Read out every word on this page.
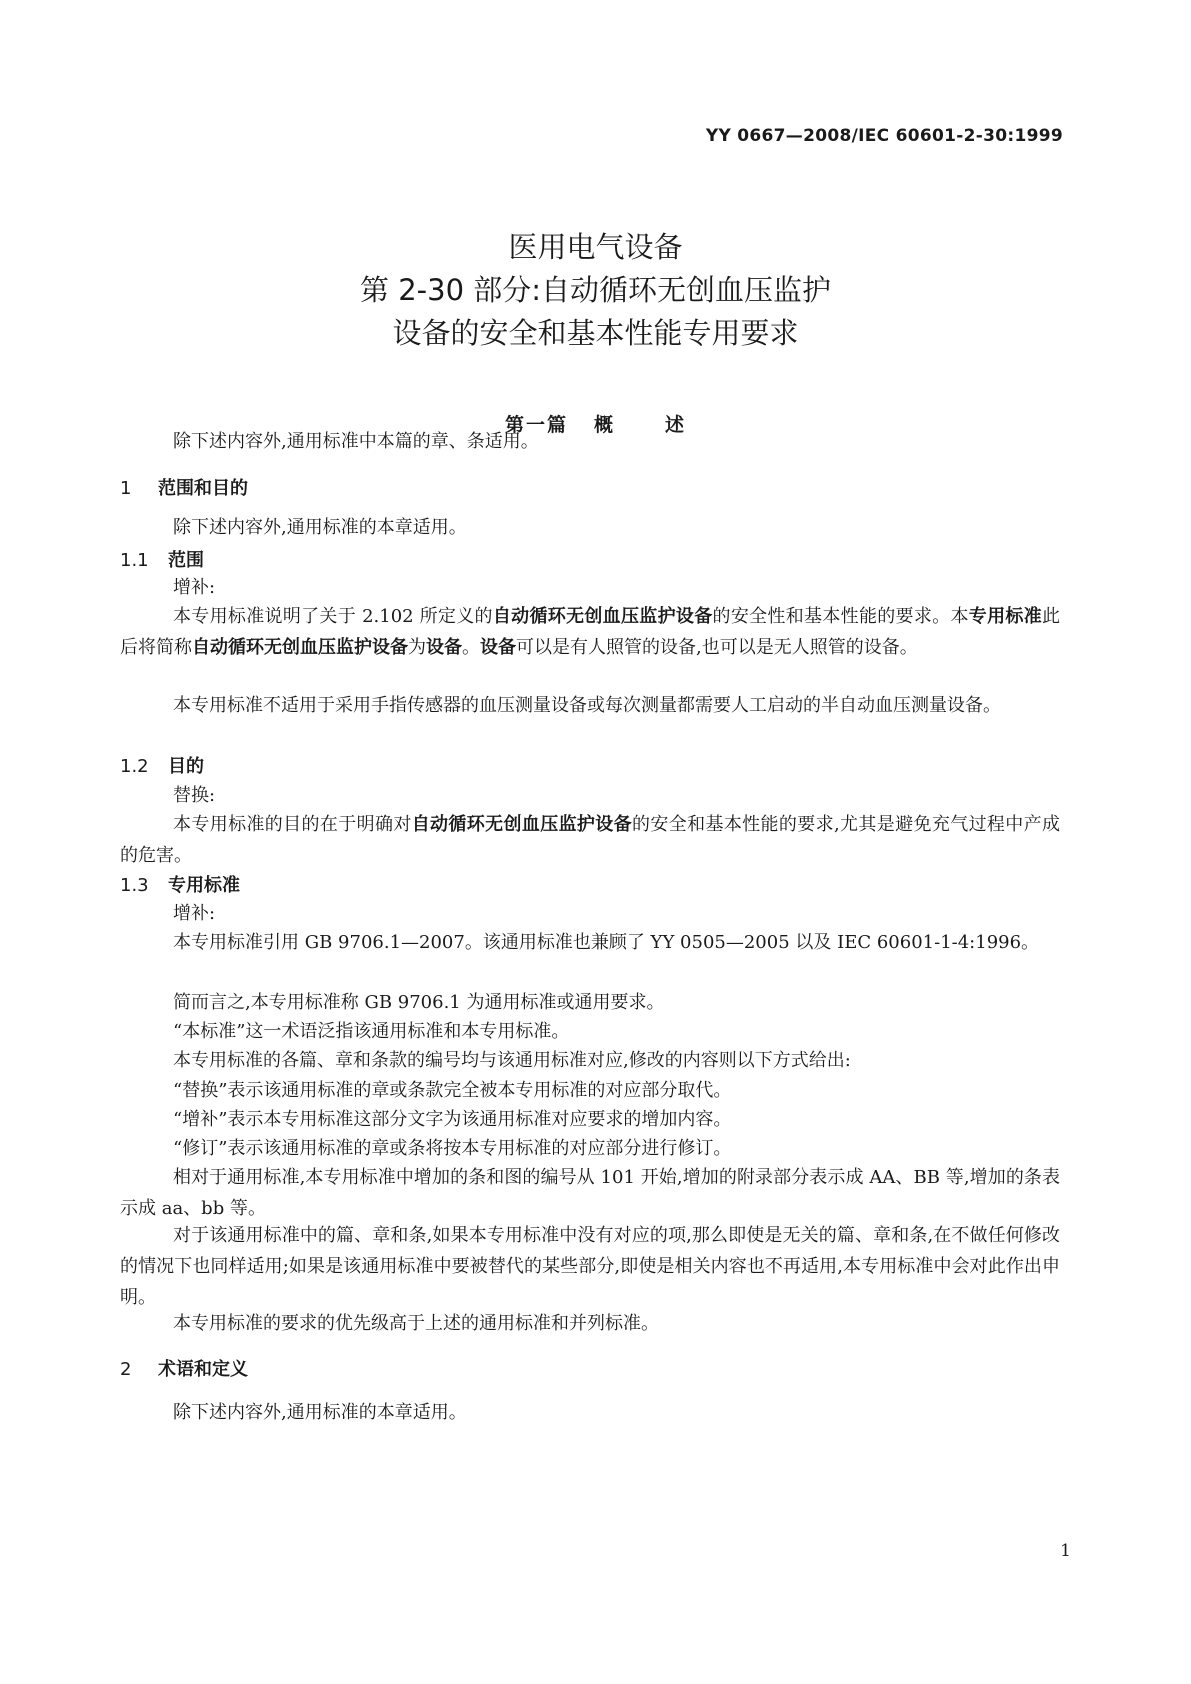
YY 0667—2008/IEC 60601-2-30:1999
医用电气设备
第 2-30 部分:自动循环无创血压监护
设备的安全和基本性能专用要求
第一篇 概	述
除下述内容外,通用标准中本篇的章、条适用。
1 范围和目的
除下述内容外,通用标准的本章适用。
1.1 范围
增补:
本专用标准说明了关于 2.102 所定义的自动循环无创血压监护设备的安全性和基本性能的要求。本专用标准此后将简称自动循环无创血压监护设备为设备。设备可以是有人照管的设备,也可以是无人照管的设备。
本专用标准不适用于采用手指传感器的血压测量设备或每次测量都需要人工启动的半自动血压测量设备。
1.2 目的
替换:
本专用标准的目的在于明确对自动循环无创血压监护设备的安全和基本性能的要求,尤其是避免充气过程中产成的危害。
1.3 专用标准
增补:
本专用标准引用 GB 9706.1—2007。该通用标准也兼顾了 YY 0505—2005 以及 IEC 60601-1-4:1996。
简而言之,本专用标准称 GB 9706.1 为通用标准或通用要求。
“本标准”这一术语泛指该通用标准和本专用标准。
本专用标准的各篇、章和条款的编号均与该通用标准对应,修改的内容则以下方式给出:
“替换”表示该通用标准的章或条款完全被本专用标准的对应部分取代。
“增补”表示本专用标准这部分文字为该通用标准对应要求的增加内容。
“修订”表示该通用标准的章或条将按本专用标准的对应部分进行修订。
相对于通用标准,本专用标准中增加的条和图的编号从 101 开始,增加的附录部分表示成 AA、BB 等,增加的条表示成 aa、bb 等。
对于该通用标准中的篇、章和条,如果本专用标准中没有对应的项,那么即使是无关的篇、章和条,在不做任何修改的情况下也同样适用;如果是该通用标准中要被替代的某些部分,即使是相关内容也不再适用,本专用标准中会对此作出申明。
本专用标准的要求的优先级高于上述的通用标准和并列标准。
2 术语和定义
除下述内容外,通用标准的本章适用。
1
